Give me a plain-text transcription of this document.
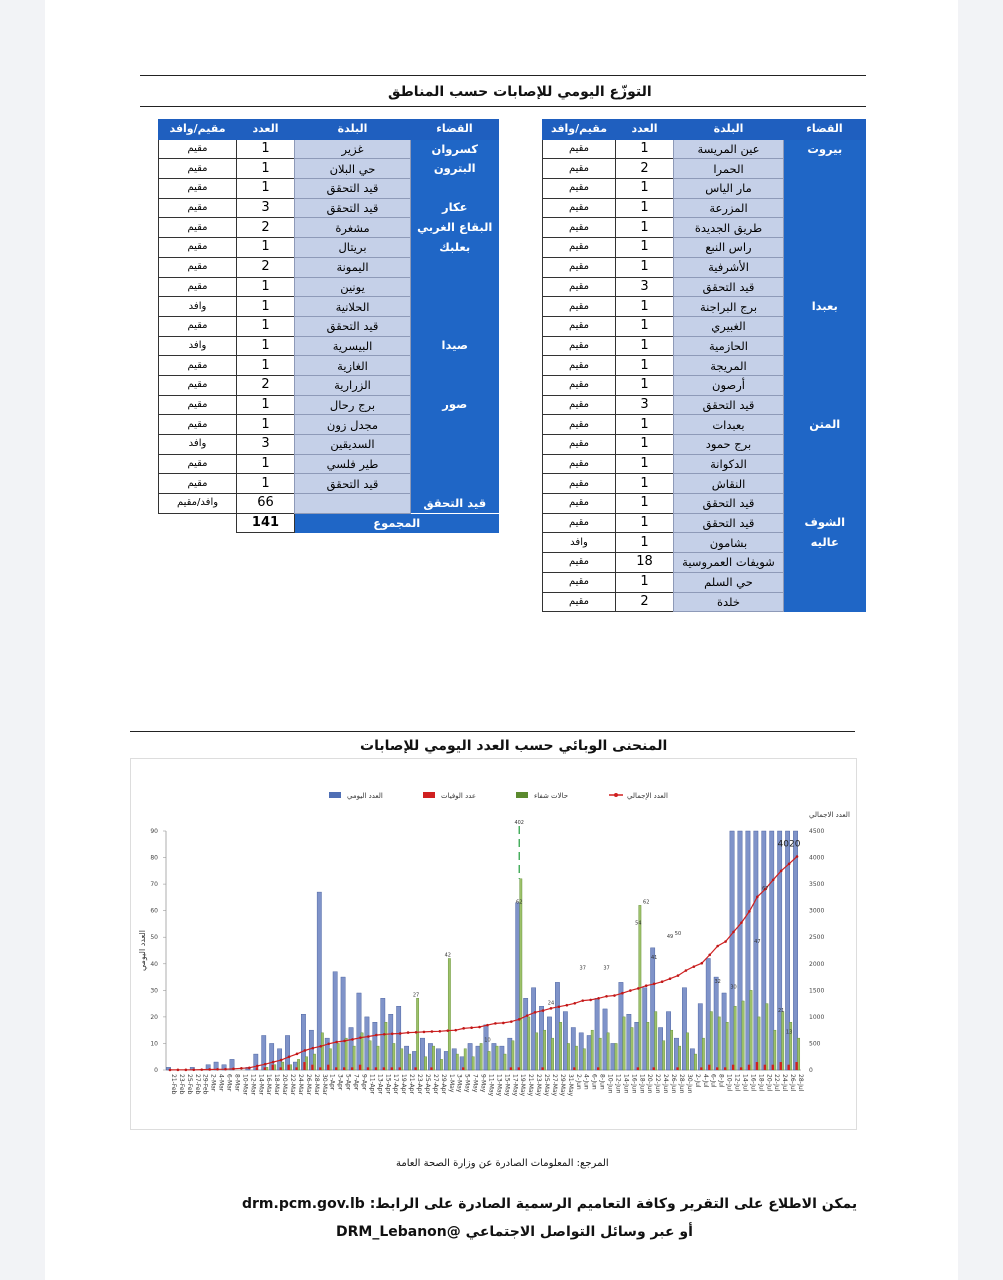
التوزّع اليومي للإصابات حسب المناطق
القضاء	البلدة	العدد	مقيم/وافد
بيروت	عين المريسة	1	مقيم
	الحمرا	2	مقيم
	مار الياس	1	مقيم
	المزرعة	1	مقيم
	طريق الجديدة	1	مقيم
	راس النبع	1	مقيم
	الأشرفية	1	مقيم
	قيد التحقق	3	مقيم
بعبدا	برج البراجنة	1	مقيم
	الغبيري	1	مقيم
	الحازمية	1	مقيم
	المريجة	1	مقيم
	أرصون	1	مقيم
	قيد التحقق	3	مقيم
المتن	بعبدات	1	مقيم
	برج حمود	1	مقيم
	الدكوانة	1	مقيم
	النقاش	1	مقيم
	قيد التحقق	1	مقيم
الشوف	قيد التحقق	1	مقيم
عاليه	بشامون	1	وافد
	شويفات العمروسية	18	مقيم
	حي السلم	1	مقيم
	خلدة	2	مقيم
القضاء	البلدة	العدد	مقيم/وافد
كسروان	غزير	1	مقيم
البترون	حي البلان	1	مقيم
	قيد التحقق	1	مقيم
عكار	قيد التحقق	3	مقيم
البقاع الغربي	مشغرة	2	مقيم
بعلبك	بريتال	1	مقيم
	اليمونة	2	مقيم
	يونين	1	مقيم
	الحلانية	1	وافد
	قيد التحقق	1	مقيم
صيدا	البيسرية	1	وافد
	الغازية	1	مقيم
	الزرارية	2	مقيم
صور	برج رحال	1	مقيم
	مجدل زون	1	مقيم
	السديقين	3	وافد
	طير فلسي	1	مقيم
	قيد التحقق	1	مقيم
قيد التحقق		66	وافد/مقيم
المجموع		141	
المنحنى الوبائي حسب العدد اليومي للإصابات
العدد اليومي	عدد الوفيات	حالات شفاء	العدد الإجمالي
0
10
20
30
40
50
60
70
80
90
0
500
1000
1500
2000
2500
3000
3500
4000
4500
العدد اليومي
العدد الاجمالي
62
24
37	37
54
62
41
49 50
10
27
42
47
67
32
30
21
13
402
4020
21-Feb 23-Feb 25-Feb 27-Feb 29-Feb 2-Mar 4-Mar 6-Mar 8-Mar 10-Mar 12-Mar 14-Mar 16-Mar 18-Mar 20-Mar 22-Mar 24-Mar 26-Mar 28-Mar 30-Mar 1-Apr 3-Apr 5-Apr 7-Apr 9-Apr 11-Apr 13-Apr 15-Apr 17-Apr 19-Apr 21-Apr 23-Apr 25-Apr 27-Apr 29-Apr 1-May 3-May 5-May 7-May 9-May 11-May 13-May 15-May 17-May 19-May 21-May 23-May 25-May 27-May 29-May 31-May 2-Jun 4-Jun 6-Jun 8-Jun 10-Jun 12-Jun 14-Jun 16-Jun 18-Jun 20-Jun 22-Jun 24-Jun 26-Jun 28-Jun 30-Jun 2-Jul 4-Jul 6-Jul 8-Jul 10-Jul 12-Jul 14-Jul 16-Jul 18-Jul 20-Jul 22-Jul 24-Jul 26-Jul 28-Jul
المرجع: المعلومات الصادرة عن وزارة الصحة العامة
يمكن الاطلاع على التقرير وكافة التعاميم الرسمية الصادرة على الرابط: drm.pcm.gov.lb
أو عبر وسائل التواصل الاجتماعي @DRM_Lebanon
